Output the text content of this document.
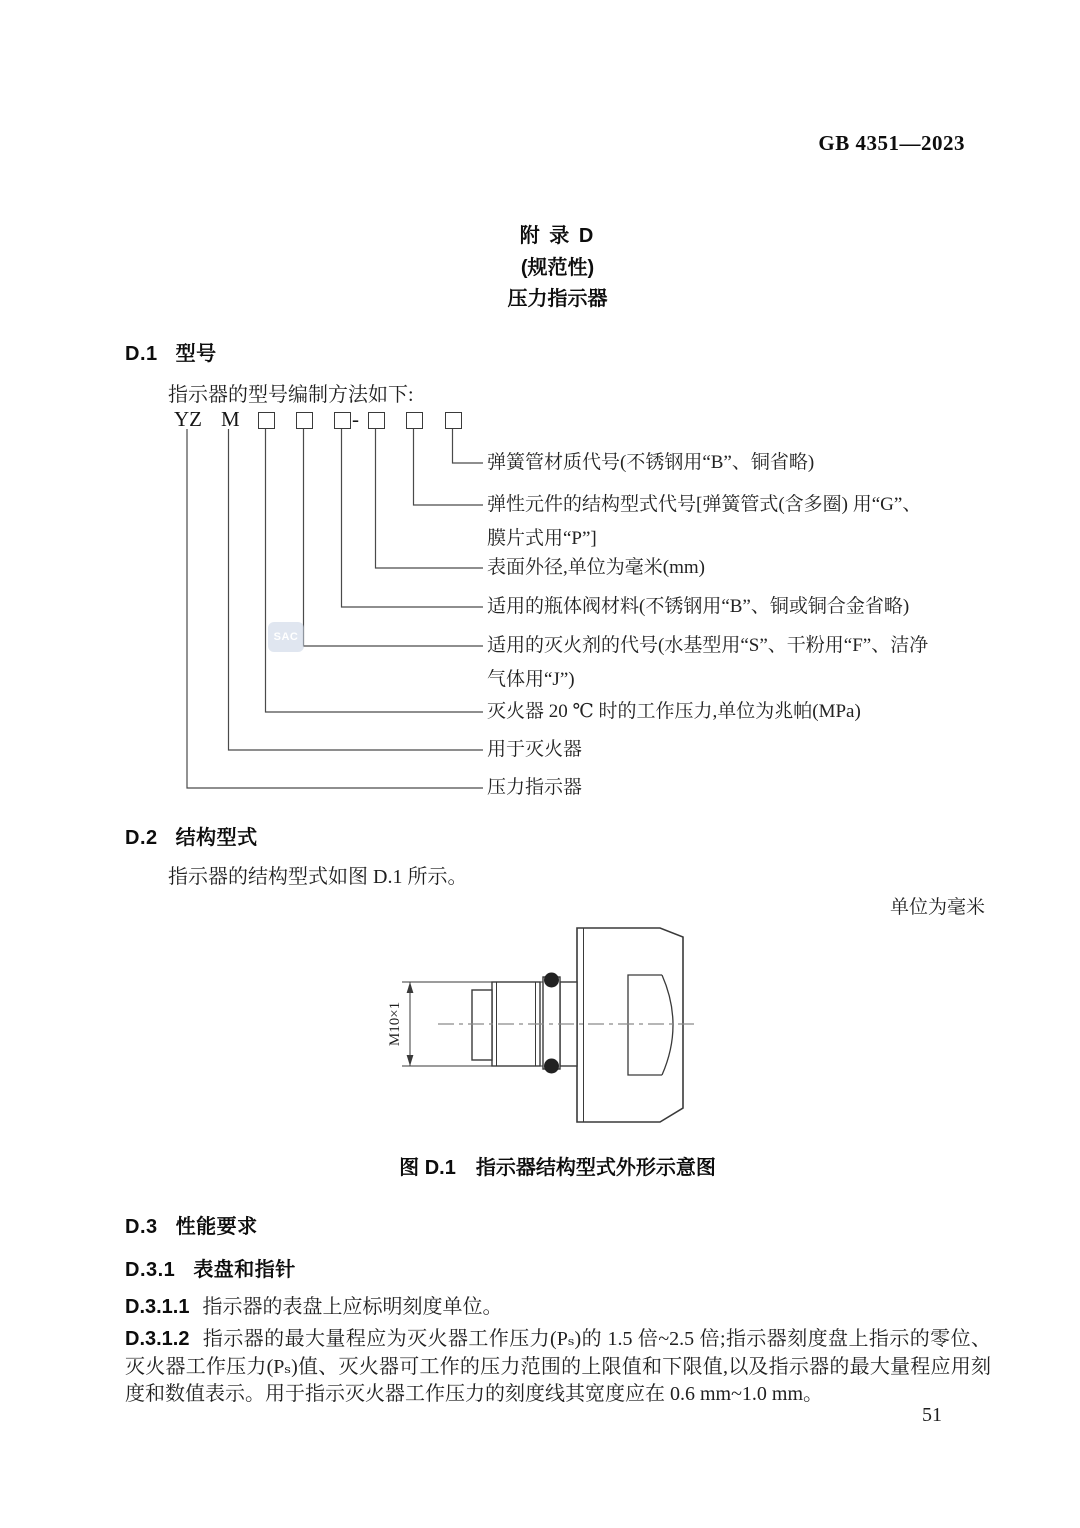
GB 4351—2023
附 录 D
(规范性)
压力指示器
D.1 型号
指示器的型号编制方法如下:
YZ M	-
SAC
弹簧管材质代号(不锈钢用“B”、铜省略)
弹性元件的结构型式代号[弹簧管式(含多圈) 用“G”、
膜片式用“P”]
表面外径,单位为毫米(mm)
适用的瓶体阀材料(不锈钢用“B”、铜或铜合金省略)
适用的灭火剂的代号(水基型用“S”、干粉用“F”、洁净
气体用“J”)
灭火器 20 ℃ 时的工作压力,单位为兆帕(MPa)
用于灭火器
压力指示器
D.2 结构型式
指示器的结构型式如图 D.1 所示。
单位为毫米
M10×1
图 D.1　指示器结构型式外形示意图
D.3 性能要求
D.3.1 表盘和指针
D.3.1.1 指示器的表盘上应标明刻度单位。
D.3.1.2 指示器的最大量程应为灭火器工作压力(Pₛ)的 1.5 倍~2.5 倍;指示器刻度盘上指示的零位、灭火器工作压力(Pₛ)值、灭火器可工作的压力范围的上限值和下限值,以及指示器的最大量程应用刻度和数值表示。用于指示灭火器工作压力的刻度线其宽度应在 0.6 mm~1.0 mm。
51
